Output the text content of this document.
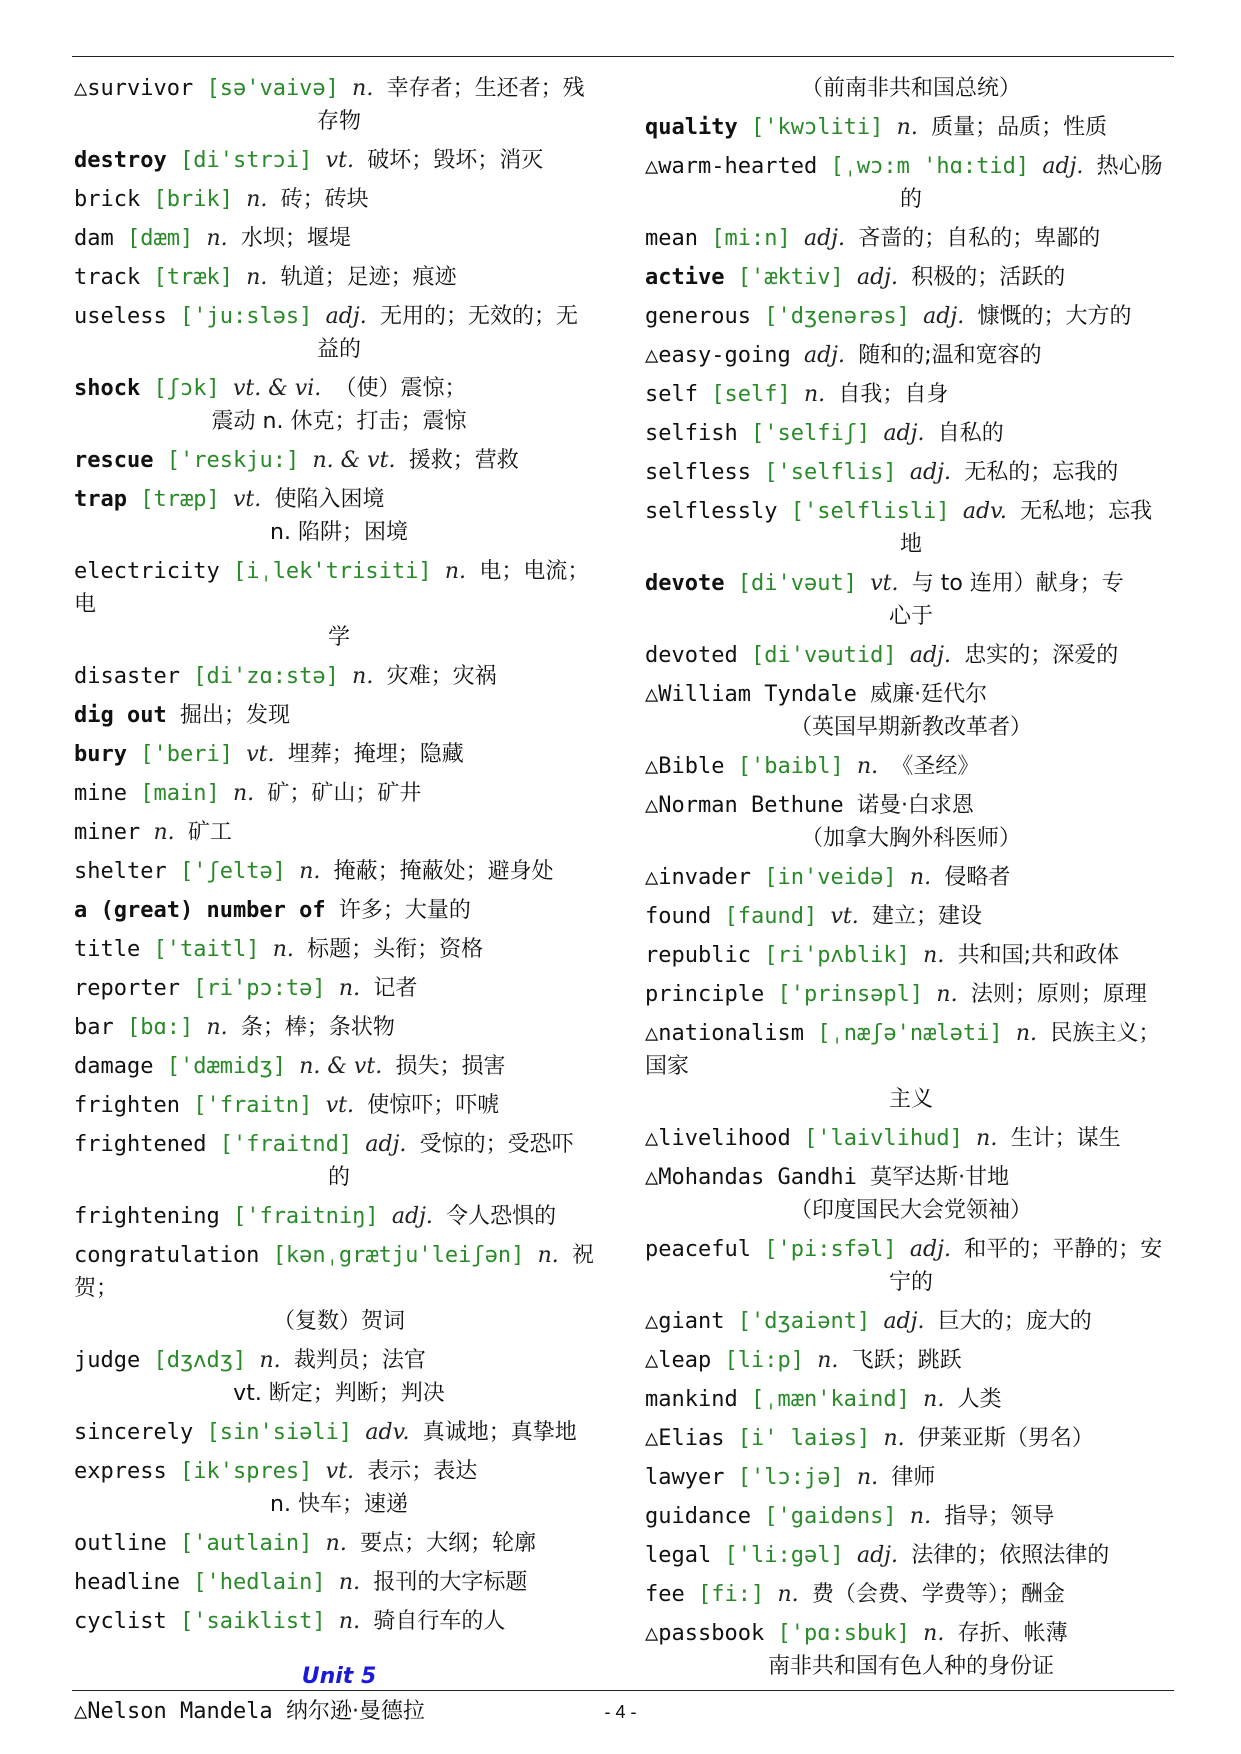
△survivor [sə'vaivə] n. 幸存者；生还者；残
存物
destroy [di'strɔi] vt. 破坏；毁坏；消灭
brick [brik] n. 砖；砖块
dam [dæm] n. 水坝；堰堤
track [træk] n. 轨道；足迹；痕迹
useless ['ju:sləs] adj. 无用的；无效的；无
益的
shock [ʃɔk] vt. & vi. （使）震惊；
震动 n. 休克；打击；震惊
rescue ['reskju:] n. & vt. 援救；营救
trap [træp] vt. 使陷入困境
n. 陷阱；困境
electricity [iˌlek'trisiti] n. 电；电流；电
学
disaster [di'zɑ:stə] n. 灾难；灾祸
dig out 掘出；发现
bury ['beri] vt. 埋葬；掩埋；隐藏
mine [main] n. 矿；矿山；矿井
miner n. 矿工
shelter ['ʃeltə] n. 掩蔽；掩蔽处；避身处
a (great) number of 许多；大量的
title ['taitl] n. 标题；头衔；资格
reporter [ri'pɔ:tə] n. 记者
bar [bɑ:] n. 条；棒；条状物
damage ['dæmidʒ] n. & vt. 损失；损害
frighten ['fraitn] vt. 使惊吓；吓唬
frightened ['fraitnd] adj. 受惊的；受恐吓
的
frightening ['fraitniŋ] adj. 令人恐惧的
congratulation [kənˌgrætju'leiʃən] n. 祝贺；
（复数）贺词
judge [dʒʌdʒ] n. 裁判员；法官
vt. 断定；判断；判决
sincerely [sin'siəli] adv. 真诚地；真挚地
express [ik'spres] vt. 表示；表达
n. 快车；速递
outline ['autlain] n. 要点；大纲；轮廓
headline ['hedlain] n. 报刊的大字标题
cyclist ['saiklist] n. 骑自行车的人
Unit 5
△Nelson Mandela 纳尔逊·曼德拉
（前南非共和国总统）
quality ['kwɔliti] n. 质量；品质；性质
△warm-hearted [ˌwɔ:m 'hɑ:tid] adj. 热心肠
的
mean [mi:n] adj. 吝啬的；自私的；卑鄙的
active ['æktiv] adj. 积极的；活跃的
generous ['dʒenərəs] adj. 慷慨的；大方的
△easy-going adj. 随和的;温和宽容的
self [self] n. 自我；自身
selfish ['selfiʃ] adj. 自私的
selfless ['selflis] adj. 无私的；忘我的
selflessly ['selflisli] adv. 无私地；忘我
地
devote [di'vəut] vt. 与 to 连用）献身；专
心于
devoted [di'vəutid] adj. 忠实的；深爱的
△William Tyndale 威廉·廷代尔
（英国早期新教改革者）
△Bible ['baibl] n. 《圣经》
△Norman Bethune 诺曼·白求恩
（加拿大胸外科医师）
△invader [in'veidə] n. 侵略者
found [faund] vt. 建立；建设
republic [ri'pʌblik] n. 共和国;共和政体
principle ['prinsəpl] n. 法则；原则；原理
△nationalism [ˌnæʃə'næləti] n. 民族主义；国家
主义
△livelihood ['laivlihud] n. 生计；谋生
△Mohandas Gandhi 莫罕达斯·甘地
（印度国民大会党领袖）
peaceful ['pi:sfəl] adj. 和平的；平静的；安
宁的
△giant ['dʒaiənt] adj. 巨大的；庞大的
△leap [li:p] n. 飞跃；跳跃
mankind [ˌmæn'kaind] n. 人类
△Elias [i' laiəs] n. 伊莱亚斯（男名）
lawyer ['lɔ:jə] n. 律师
guidance ['gaidəns] n. 指导；领导
legal ['li:gəl] adj. 法律的；依照法律的
fee [fi:] n. 费（会费、学费等）；酬金
△passbook ['pɑ:sbuk] n. 存折、帐薄
南非共和国有色人种的身份证
- 4 -
